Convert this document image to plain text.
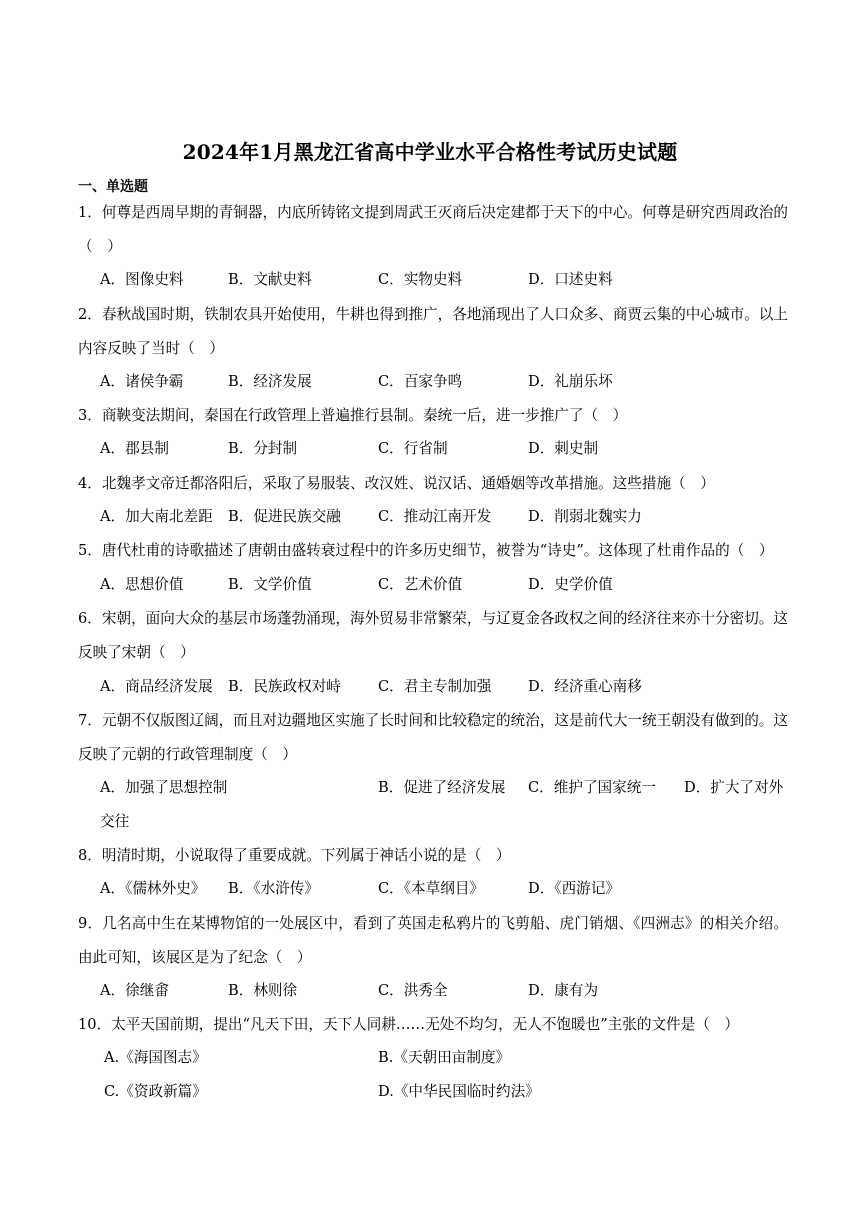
2024年1月黑龙江省高中学业水平合格性考试历史试题
一、单选题
1．何尊是西周早期的青铜器，内底所铸铭文提到周武王灭商后决定建都于天下的中心。何尊是研究西周政治的（　）
A．图像史料	B．文献史料	C．实物史料	D．口述史料
2．春秋战国时期，铁制农具开始使用，牛耕也得到推广，各地涌现出了人口众多、商贾云集的中心城市。以上内容反映了当时（　）
A．诸侯争霸	B．经济发展	C．百家争鸣	D．礼崩乐坏
3．商鞅变法期间，秦国在行政管理上普遍推行县制。秦统一后，进一步推广了（　）
A．郡县制	B．分封制	C．行省制	D．刺史制
4．北魏孝文帝迁都洛阳后，采取了易服装、改汉姓、说汉话、通婚姻等改革措施。这些措施（　）
A．加大南北差距 B．促进民族交融	C．推动江南开发	D．削弱北魏实力
5．唐代杜甫的诗歌描述了唐朝由盛转衰过程中的许多历史细节，被誉为“诗史”。这体现了杜甫作品的（　）
A．思想价值	B．文学价值	C．艺术价值	D．史学价值
6．宋朝，面向大众的基层市场蓬勃涌现，海外贸易非常繁荣，与辽夏金各政权之间的经济往来亦十分密切。这反映了宋朝（　）
A．商品经济发展 B．民族政权对峙	C．君主专制加强	D．经济重心南移
7．元朝不仅版图辽阔，而且对边疆地区实施了长时间和比较稳定的统治，这是前代大一统王朝没有做到的。这反映了元朝的行政管理制度（　）
A．加强了思想控制	B．促进了经济发展 C．维护了国家统一 D．扩大了对外
交往
8．明清时期，小说取得了重要成就。下列属于神话小说的是（　）
A．《儒林外史》 B．《水浒传》	C．《本草纲目》	D．《西游记》
9．几名高中生在某博物馆的一处展区中，看到了英国走私鸦片的飞剪船、虎门销烟、《四洲志》的相关介绍。由此可知，该展区是为了纪念（　）
A．徐继畬	B．林则徐	C．洪秀全	D．康有为
10．太平天国前期，提出“凡天下田，天下人同耕……无处不均匀，无人不饱暖也”主张的文件是（　）
A.《海国图志》	B.《天朝田亩制度》
C.《资政新篇》	D.《中华民国临时约法》
